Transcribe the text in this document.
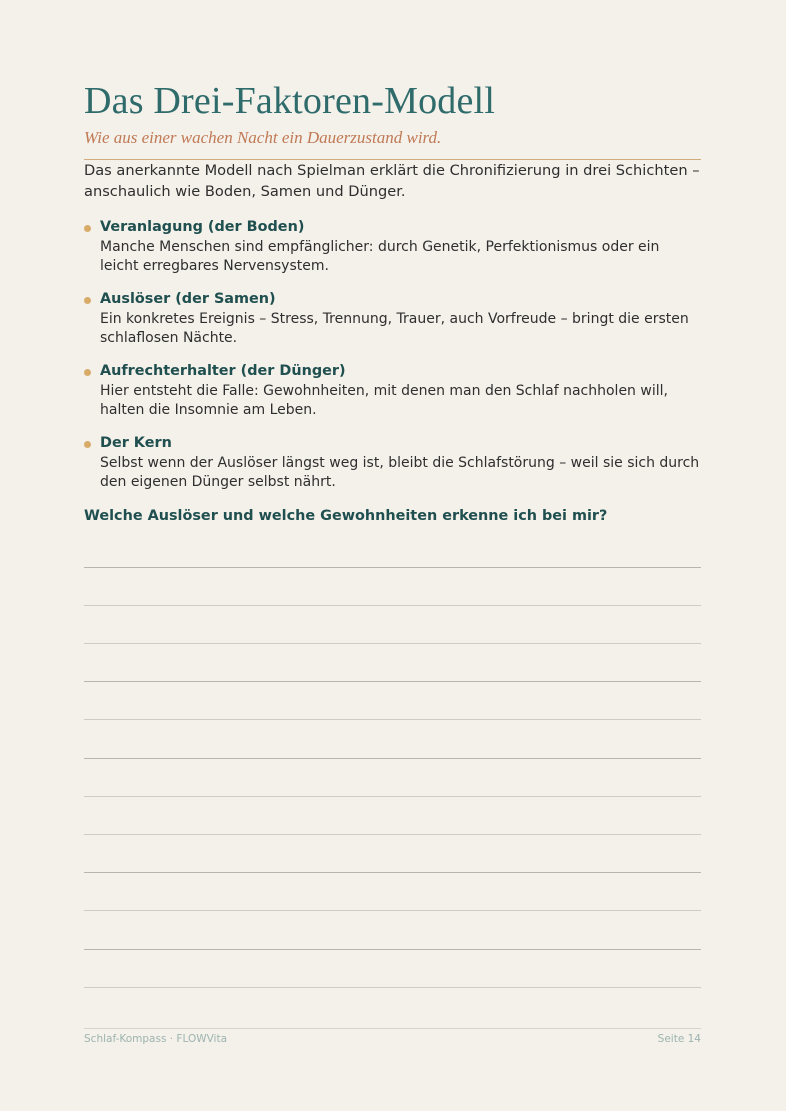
Das Drei-Faktoren-Modell

Wie aus einer wachen Nacht ein Dauerzustand wird.

Das anerkannte Modell nach Spielman erklärt die Chronifizierung in drei Schichten – anschaulich wie Boden, Samen und Dünger.

Veranlagung (der Boden)
Manche Menschen sind empfänglicher: durch Genetik, Perfektionismus oder ein leicht erregbares Nervensystem.
Auslöser (der Samen)
Ein konkretes Ereignis – Stress, Trennung, Trauer, auch Vorfreude – bringt die ersten schlaflosen Nächte.
Aufrechterhalter (der Dünger)
Hier entsteht die Falle: Gewohnheiten, mit denen man den Schlaf nachholen will, halten die Insomnie am Leben.
Der Kern
Selbst wenn der Auslöser längst weg ist, bleibt die Schlafstörung – weil sie sich durch den eigenen Dünger selbst nährt.

Welche Auslöser und welche Gewohnheiten erkenne ich bei mir?

Schlaf-Kompass · FLOWVita	Seite 14
